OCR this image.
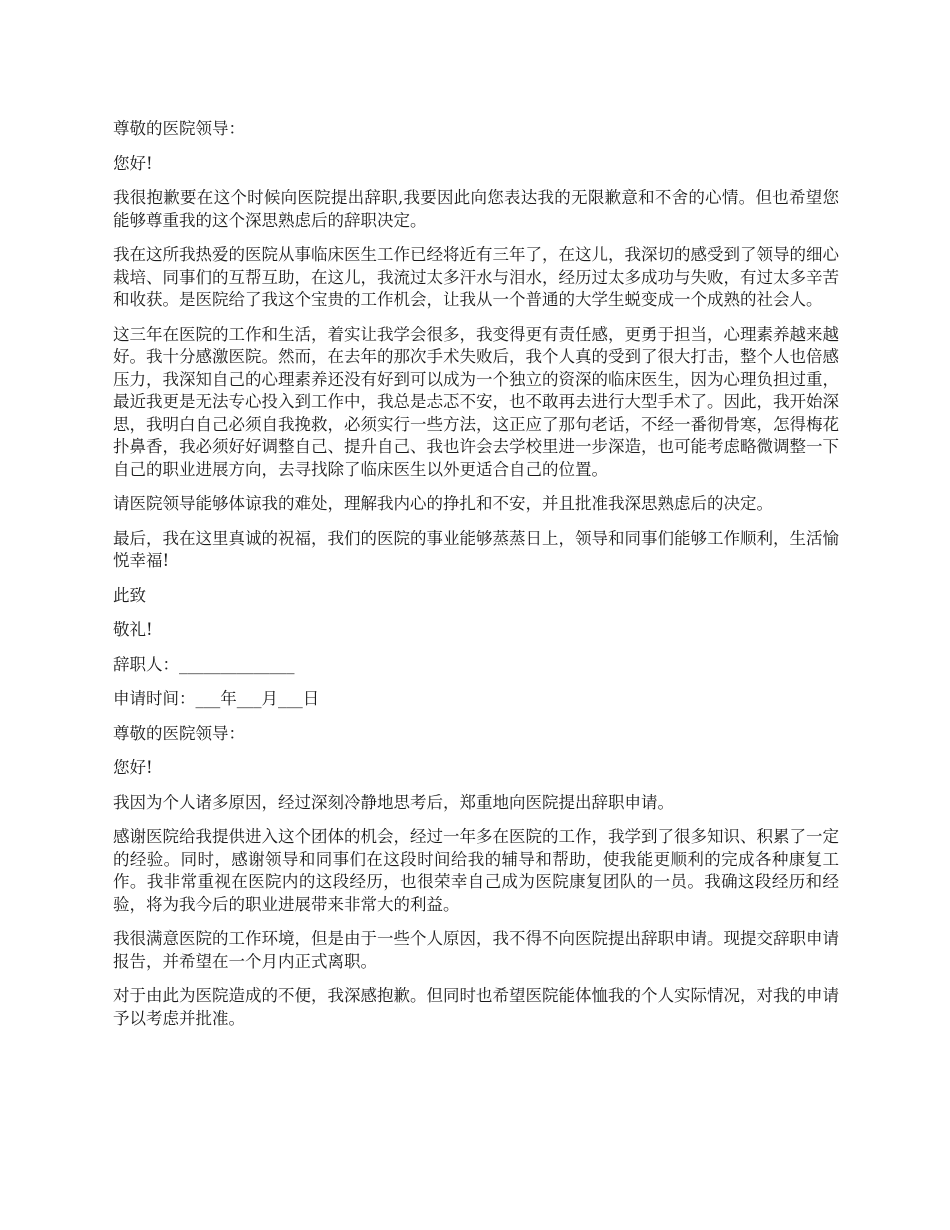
尊敬的医院领导：

您好!

我很抱歉要在这个时候向医院提出辞职,我要因此向您表达我的无限歉意和不舍的心情。但也希望您能够尊重我的这个深思熟虑后的辞职决定。

我在这所我热爱的医院从事临床医生工作已经将近有三年了，在这儿，我深切的感受到了领导的细心栽培、同事们的互帮互助，在这儿，我流过太多汗水与泪水，经历过太多成功与失败，有过太多辛苦和收获。是医院给了我这个宝贵的工作机会，让我从一个普通的大学生蜕变成一个成熟的社会人。

这三年在医院的工作和生活，着实让我学会很多，我变得更有责任感，更勇于担当，心理素养越来越好。我十分感激医院。然而，在去年的那次手术失败后，我个人真的受到了很大打击，整个人也倍感压力，我深知自己的心理素养还没有好到可以成为一个独立的资深的临床医生，因为心理负担过重，最近我更是无法专心投入到工作中，我总是忐忑不安，也不敢再去进行大型手术了。因此，我开始深思，我明白自己必须自我挽救，必须实行一些方法，这正应了那句老话，不经一番彻骨寒，怎得梅花扑鼻香，我必须好好调整自己、提升自己、我也许会去学校里进一步深造，也可能考虑略微调整一下自己的职业进展方向，去寻找除了临床医生以外更适合自己的位置。

请医院领导能够体谅我的难处，理解我内心的挣扎和不安，并且批准我深思熟虑后的决定。

最后，我在这里真诚的祝福，我们的医院的事业能够蒸蒸日上，领导和同事们能够工作顺利，生活愉悦幸福!

此致

敬礼!

辞职人：______________

申请时间：___年___月___日

尊敬的医院领导：

您好!

我因为个人诸多原因，经过深刻冷静地思考后，郑重地向医院提出辞职申请。

感谢医院给我提供进入这个团体的机会，经过一年多在医院的工作，我学到了很多知识、积累了一定的经验。同时，感谢领导和同事们在这段时间给我的辅导和帮助，使我能更顺利的完成各种康复工作。我非常重视在医院内的这段经历，也很荣幸自己成为医院康复团队的一员。我确这段经历和经验，将为我今后的职业进展带来非常大的利益。

我很满意医院的工作环境，但是由于一些个人原因，我不得不向医院提出辞职申请。现提交辞职申请报告，并希望在一个月内正式离职。

对于由此为医院造成的不便，我深感抱歉。但同时也希望医院能体恤我的个人实际情况，对我的申请予以考虑并批准。
